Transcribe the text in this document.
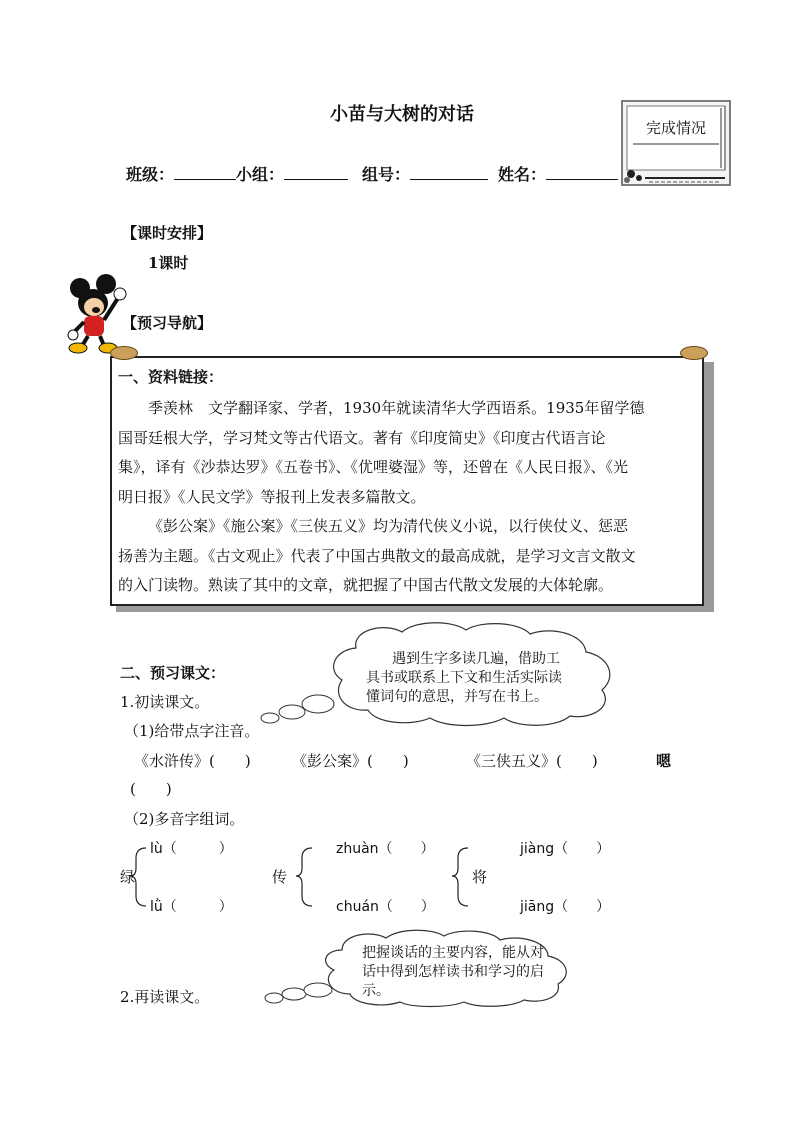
小苗与大树的对话
班级：	小组：	组号：	姓名：
完成情况
【课时安排】
1课时
【预习导航】
一、资料链接：
季羡林　文学翻译家、学者，1930年就读清华大学西语系。1935年留学德
国哥廷根大学，学习梵文等古代语文。著有《印度简史》《印度古代语言论
集》，译有《沙恭达罗》《五卷书》、《优哩婆湿》等，还曾在《人民日报》、《光
明日报》《人民文学》等报刊上发表多篇散文。
《彭公案》《施公案》《三侠五义》均为清代侠义小说，以行侠仗义、惩恶
扬善为主题。《古文观止》代表了中国古典散文的最高成就，是学习文言文散文
的入门读物。熟读了其中的文章，就把握了中国古代散文发展的大体轮廓。
遇到生字多读几遍，借助工
具书或联系上下文和生活实际读
懂词句的意思，并写在书上。
二、预习课文：
1.初读课文。
（1)给带点字注音。
《水浒传》(　　)	《彭公案》(　　)	《三侠五义》(　　)	嗯
(　　)
（2)多音字组词。
绿
lù（　　　）
lǜ（　　　）
传
zhuàn（　　）
chuán（　　）
将
jiàng（　　）
jiāng（　　）
把握谈话的主要内容，能从对
话中得到怎样读书和学习的启
示。
2.再读课文。
